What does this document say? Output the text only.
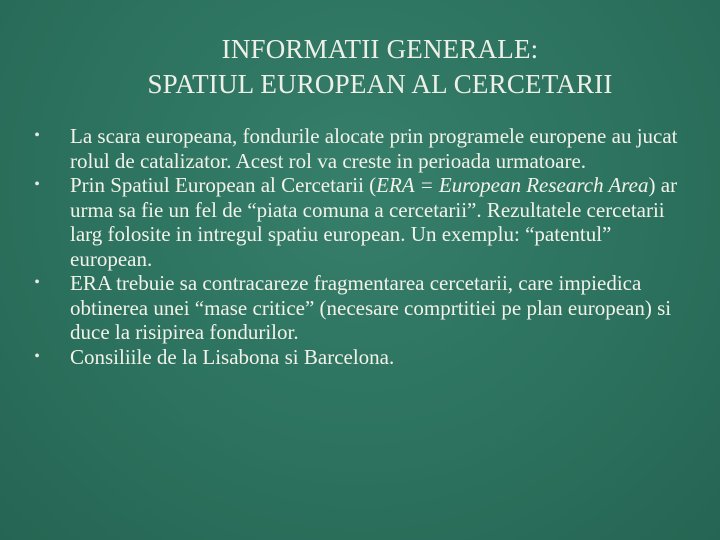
INFORMATII GENERALE:
SPATIUL EUROPEAN AL CERCETARII
• La scara europeana, fondurile alocate prin programele europene au jucat rolul de catalizator. Acest rol va creste in perioada urmatoare.
• Prin Spatiul European al Cercetarii (ERA = European Research Area) ar urma sa fie un fel de “piata comuna a cercetarii”. Rezultatele cercetarii larg folosite in intregul spatiu european. Un exemplu: “patentul” european.
• ERA trebuie sa contracareze fragmentarea cercetarii, care impiedica obtinerea unei “mase critice” (necesare comprtitiei pe plan european) si duce la risipirea fondurilor.
• Consiliile de la Lisabona si Barcelona.
